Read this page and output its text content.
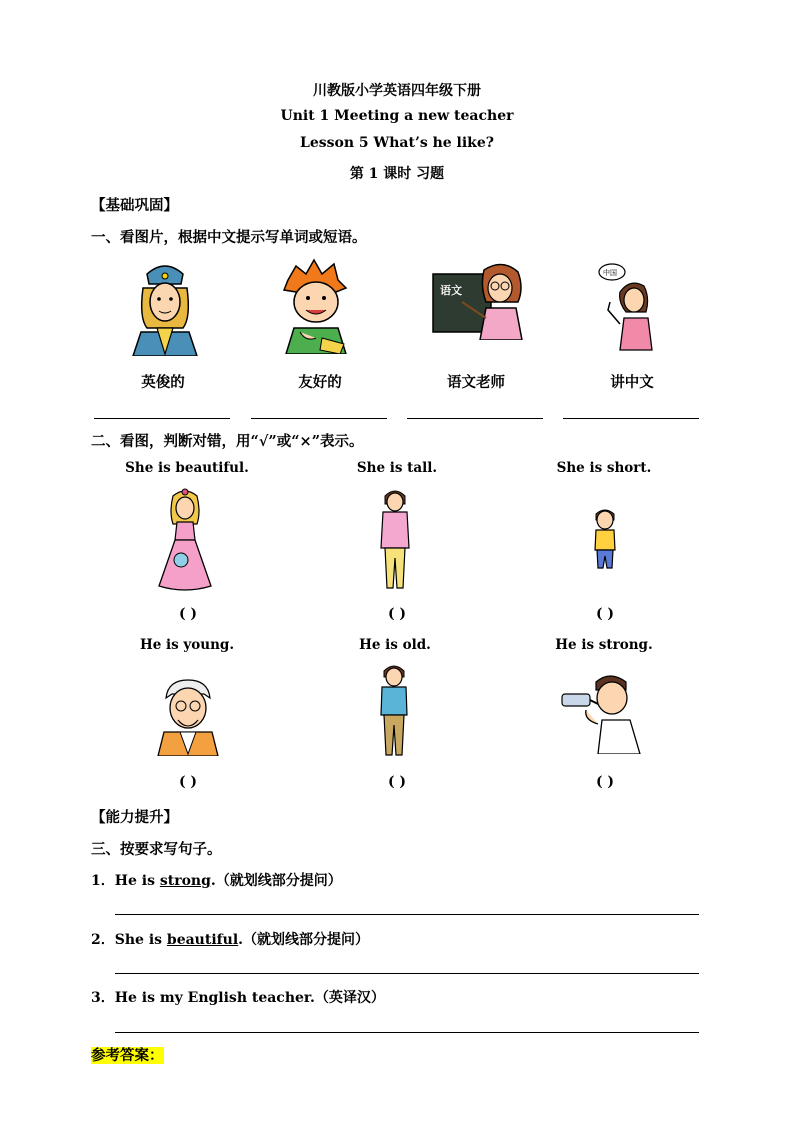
川教版小学英语四年级下册
Unit 1 Meeting a new teacher
Lesson 5 What’s he like?
第 1 课时 习题
【基础巩固】
一、看图片，根据中文提示写单词或短语。
语文
中国
英俊的	友好的	语文老师	讲中文
二、看图，判断对错，用“√”或“×”表示。
She is beautiful.	She is tall.	She is short.
( )	( )	( )
He is young.	He is old.	He is strong.
( )	( )	( )
【能力提升】
三、按要求写句子。
1．He is strong.（就划线部分提问）
2．She is beautiful.（就划线部分提问）
3．He is my English teacher.（英译汉）
参考答案：
